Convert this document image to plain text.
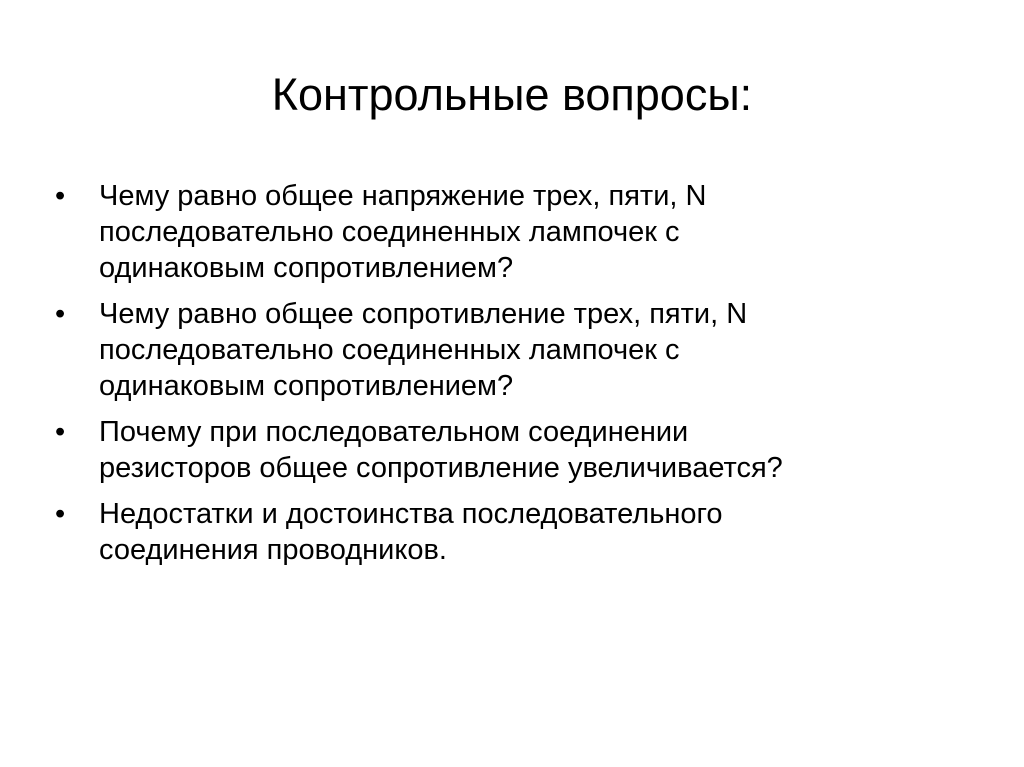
Контрольные вопросы:
•	Чему равно общее напряжение трех, пяти, N
последовательно соединенных лампочек с
одинаковым сопротивлением?
•	Чему равно общее сопротивление трех, пяти, N
последовательно соединенных лампочек с
одинаковым сопротивлением?
•	Почему при последовательном соединении
резисторов общее сопротивление увеличивается?
•	Недостатки и достоинства последовательного
соединения проводников.
